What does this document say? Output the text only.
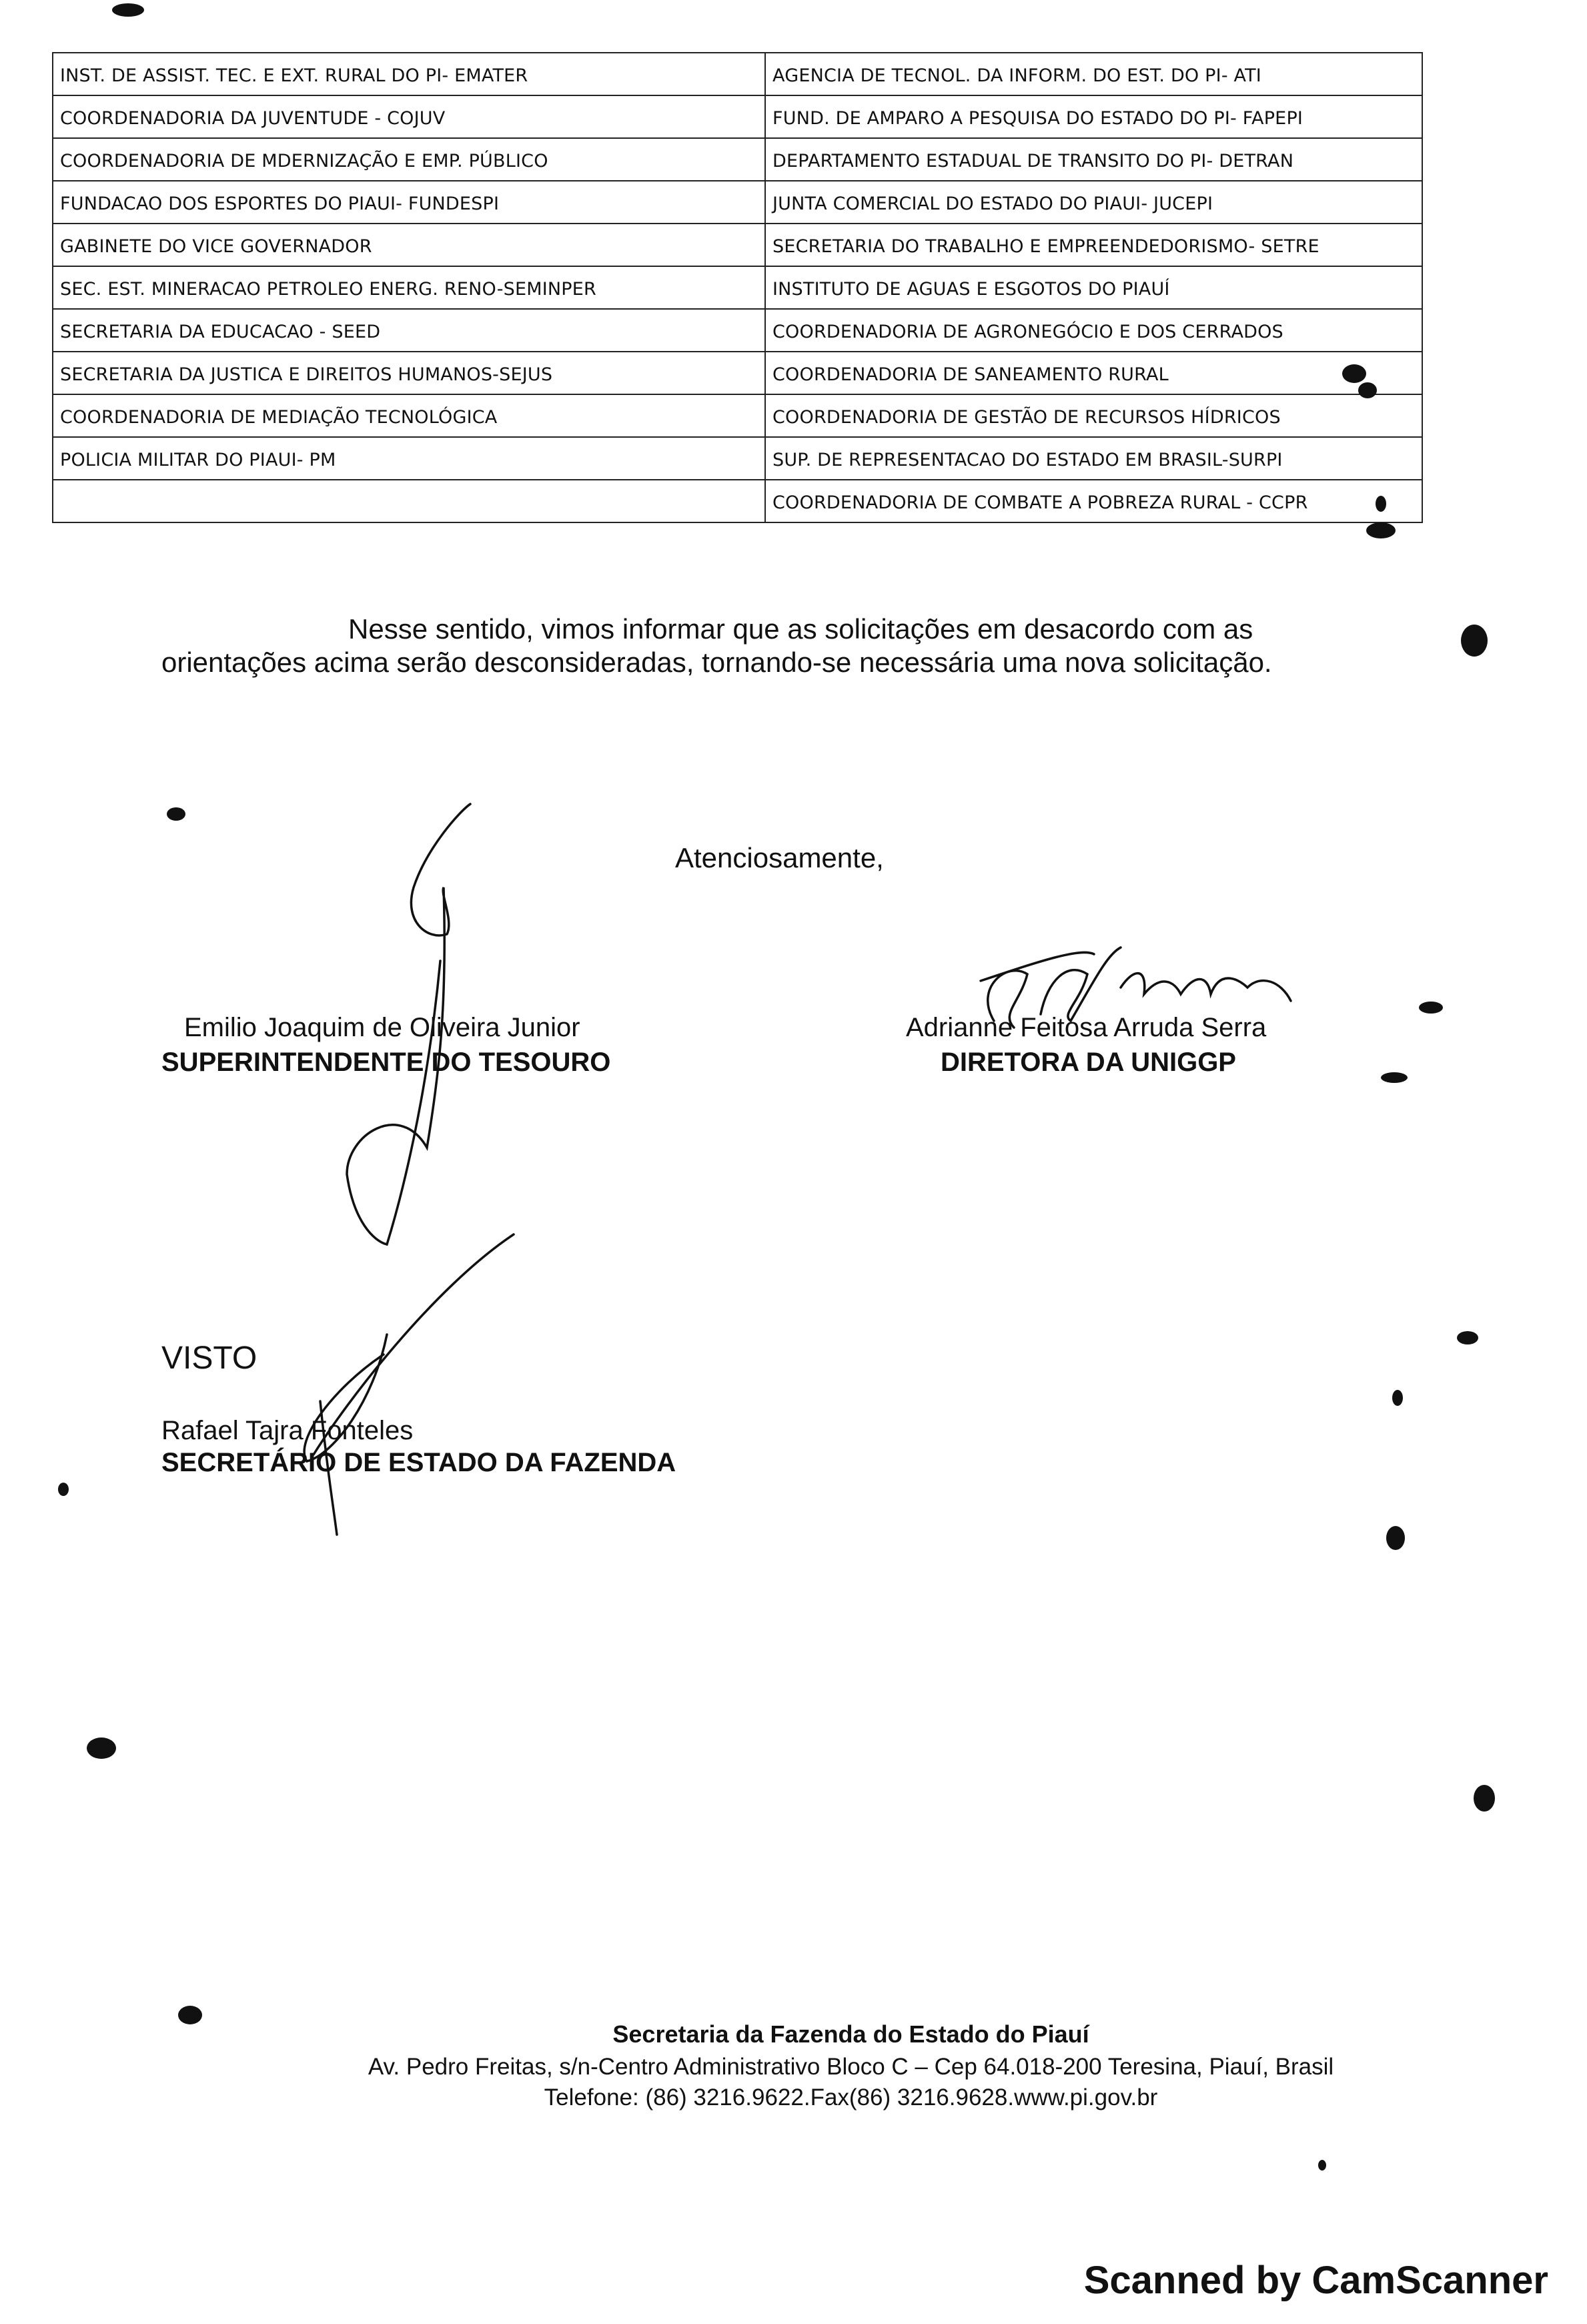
INST. DE ASSIST. TEC. E EXT. RURAL DO PI- EMATER	AGENCIA DE TECNOL. DA INFORM. DO EST. DO PI- ATI
COORDENADORIA DA JUVENTUDE - COJUV	FUND. DE AMPARO A PESQUISA DO ESTADO DO PI- FAPEPI
COORDENADORIA DE MDERNIZAÇÃO E EMP. PÚBLICO	DEPARTAMENTO ESTADUAL DE TRANSITO DO PI- DETRAN
FUNDACAO DOS ESPORTES DO PIAUI- FUNDESPI	JUNTA COMERCIAL DO ESTADO DO PIAUI- JUCEPI
GABINETE DO VICE GOVERNADOR	SECRETARIA DO TRABALHO E EMPREENDEDORISMO- SETRE
SEC. EST. MINERACAO PETROLEO ENERG. RENO-SEMINPER	INSTITUTO DE AGUAS E ESGOTOS DO PIAUÍ
SECRETARIA DA EDUCACAO - SEED	COORDENADORIA DE AGRONEGÓCIO E DOS CERRADOS
SECRETARIA DA JUSTICA E DIREITOS HUMANOS-SEJUS	COORDENADORIA DE SANEAMENTO RURAL
COORDENADORIA DE MEDIAÇÃO TECNOLÓGICA	COORDENADORIA DE GESTÃO DE RECURSOS HÍDRICOS
POLICIA MILITAR DO PIAUI- PM	SUP. DE REPRESENTACAO DO ESTADO EM BRASIL-SURPI
	COORDENADORIA DE COMBATE A POBREZA RURAL - CCPR
Nesse sentido, vimos informar que as solicitações em desacordo com as
orientações acima serão desconsideradas, tornando-se necessária uma nova solicitação.
Atenciosamente,
Emilio Joaquim de Oliveira Junior
SUPERINTENDENTE DO TESOURO
Adrianne Feitosa Arruda Serra
DIRETORA DA UNIGGP
VISTO
Rafael Tajra Fonteles
SECRETÁRIO DE ESTADO DA FAZENDA
Secretaria da Fazenda do Estado do Piauí
Av. Pedro Freitas, s/n-Centro Administrativo Bloco C – Cep 64.018-200 Teresina, Piauí, Brasil
Telefone: (86) 3216.9622.Fax(86) 3216.9628.www.pi.gov.br
Scanned by CamScanner
